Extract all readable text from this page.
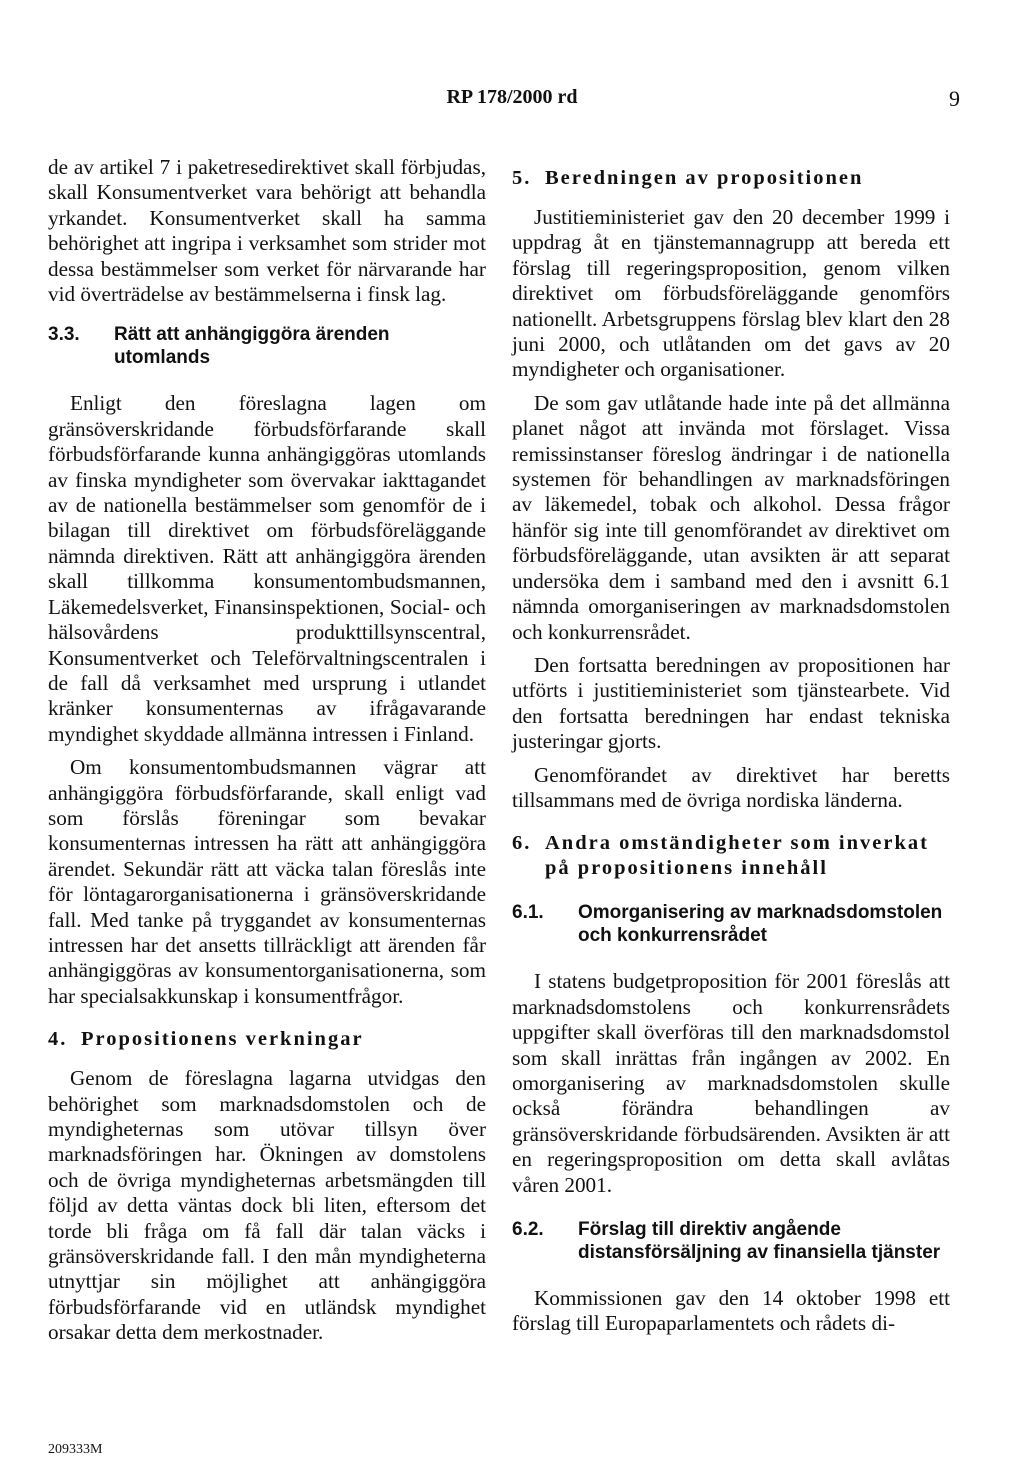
RP 178/2000 rd	9

de av artikel 7 i paketresedirektivet skall förbjudas, skall Konsumentverket vara behörigt att behandla yrkandet. Konsumentverket skall ha samma behörighet att ingripa i verksamhet som strider mot dessa bestämmelser som verket för närvarande har vid överträdelse av bestämmelserna i finsk lag.

3.3.	Rätt att anhängiggöra ärenden utomlands

Enligt den föreslagna lagen om gränsöverskridande förbudsförfarande skall förbudsförfarande kunna anhängiggöras utomlands av finska myndigheter som övervakar iakttagandet av de nationella bestämmelser som genomför de i bilagan till direktivet om förbudsföreläggande nämnda direktiven. Rätt att anhängiggöra ärenden skall tillkomma konsumentombudsmannen, Läkemedelsverket, Finansinspektionen, Social- och hälsovårdens produkttillsynscentral, Konsumentverket och Teleförvaltningscentralen i de fall då verksamhet med ursprung i utlandet kränker konsumenternas av ifrågavarande myndighet skyddade allmänna intressen i Finland.

Om konsumentombudsmannen vägrar att anhängiggöra förbudsförfarande, skall enligt vad som förslås föreningar som bevakar konsumenternas intressen ha rätt att anhängiggöra ärendet. Sekundär rätt att väcka talan föreslås inte för löntagarorganisationerna i gränsöverskridande fall. Med tanke på tryggandet av konsumenternas intressen har det ansetts tillräckligt att ärenden får anhängiggöras av konsumentorganisationerna, som har specialsakkunskap i konsumentfrågor.

4. Propositionens verkningar

Genom de föreslagna lagarna utvidgas den behörighet som marknadsdomstolen och de myndigheternas som utövar tillsyn över marknadsföringen har. Ökningen av domstolens och de övriga myndigheternas arbetsmängden till följd av detta väntas dock bli liten, eftersom det torde bli fråga om få fall där talan väcks i gränsöverskridande fall. I den mån myndigheterna utnyttjar sin möjlighet att anhängiggöra förbudsförfarande vid en utländsk myndighet orsakar detta dem merkostnader.

5. Beredningen av propositionen

Justitieministeriet gav den 20 december 1999 i uppdrag åt en tjänstemannagrupp att bereda ett förslag till regeringsproposition, genom vilken direktivet om förbudsföreläggande genomförs nationellt. Arbetsgruppens förslag blev klart den 28 juni 2000, och utlåtanden om det gavs av 20 myndigheter och organisationer.

De som gav utlåtande hade inte på det allmänna planet något att invända mot förslaget. Vissa remissinstanser föreslog ändringar i de nationella systemen för behandlingen av marknadsföringen av läkemedel, tobak och alkohol. Dessa frågor hänför sig inte till genomförandet av direktivet om förbudsföreläggande, utan avsikten är att separat undersöka dem i samband med den i avsnitt 6.1 nämnda omorganiseringen av marknadsdomstolen och konkurrensrådet.

Den fortsatta beredningen av propositionen har utförts i justitieministeriet som tjänstearbete. Vid den fortsatta beredningen har endast tekniska justeringar gjorts.

Genomförandet av direktivet har beretts tillsammans med de övriga nordiska länderna.

6. Andra omständigheter som inverkat på propositionens innehåll
6.1.	Omorganisering av marknadsdomstolen och konkurrensrådet

I statens budgetproposition för 2001 föreslås att marknadsdomstolens och konkurrensrådets uppgifter skall överföras till den marknadsdomstol som skall inrättas från ingången av 2002. En omorganisering av marknadsdomstolen skulle också förändra behandlingen av gränsöverskridande förbudsärenden. Avsikten är att en regeringsproposition om detta skall avlåtas våren 2001.

6.2.	Förslag till direktiv angående distansförsäljning av finansiella tjänster

Kommissionen gav den 14 oktober 1998 ett förslag till Europaparlamentets och rådets di-

209333M
